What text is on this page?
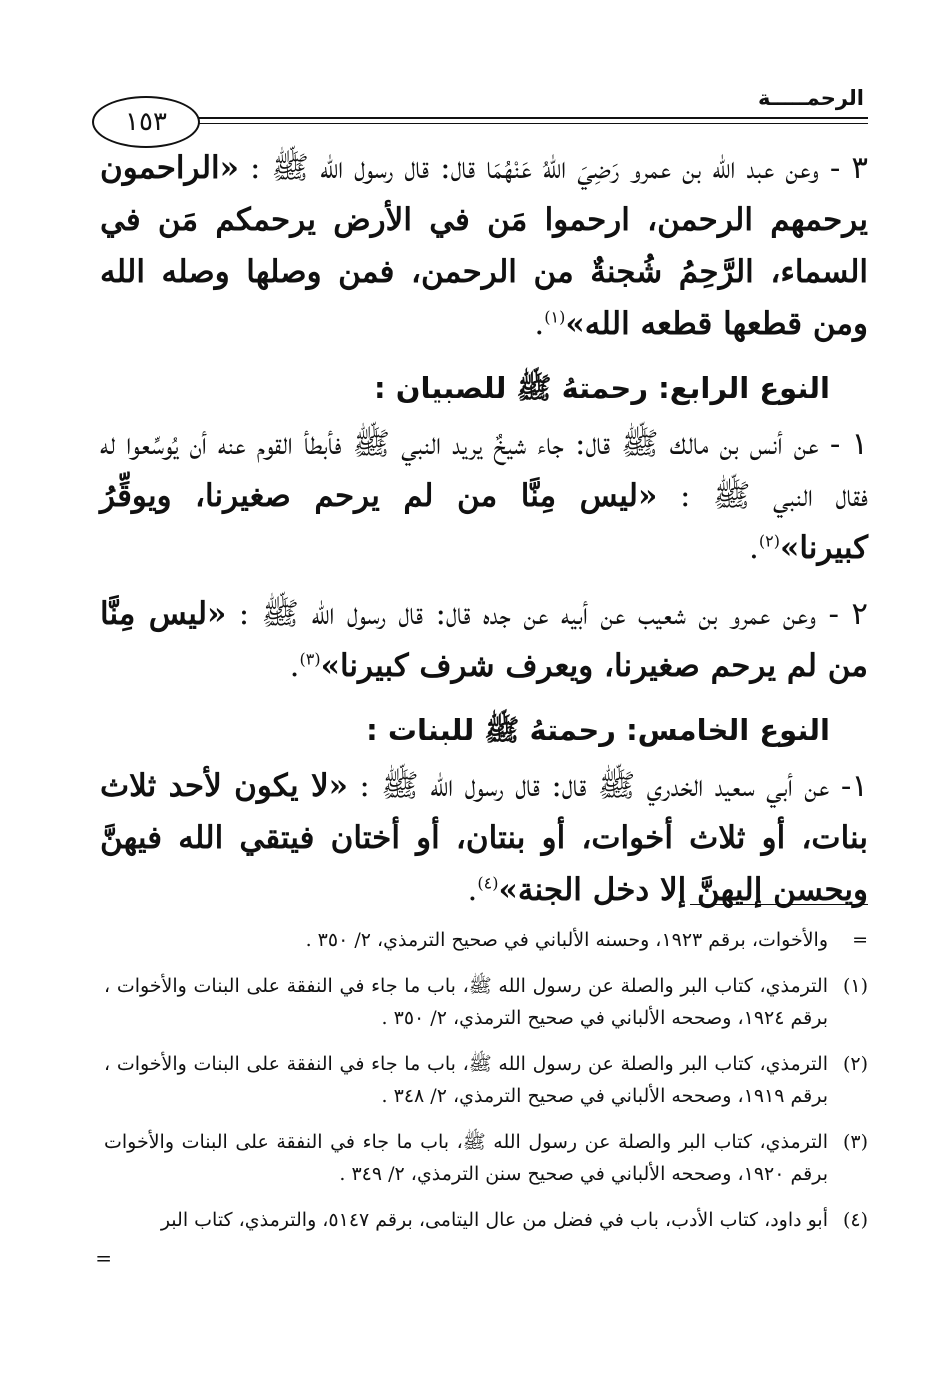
الرحمـــــة
١٥٣

٣ - وعن عبد الله بن عمرو رَضِيَ اللهُ عَنْهُمَا قال: قال رسول الله ﷺ : «الراحمون يرحمهم الرحمن، ارحموا مَن في الأرض يرحمكم مَن في السماء، الرَّحِمُ شُجنةٌ من الرحمن، فمن وصلها وصله الله ومن قطعها قطعه الله»$^{(١)}$.

النوع الرابع: رحمتهُ ﷺ للصبيان :

١ - عن أنس بن مالك ﷺ قال: جاء شيخٌ يريد النبي ﷺ فأبطأ القوم عنه أن يُوسِّعوا له فقال النبي ﷺ : «ليس مِنَّا من لم يرحم صغيرنا، ويوقِّرُ كبيرنا»$^{(٢)}$.

٢ - وعن عمرو بن شعيب عن أبيه عن جده قال: قال رسول الله ﷺ : «ليس مِنَّا من لم يرحم صغيرنا، ويعرف شرف كبيرنا»$^{(٣)}$.

النوع الخامس: رحمتهُ ﷺ للبنات :

١- عن أبي سعيد الخدري ﷺ قال: قال رسول الله ﷺ : «لا يكون لأحد ثلاث بنات، أو ثلاث أخوات، أو بنتان، أو أختان فيتقي الله فيهنَّ ويحسن إليهنَّ إلا دخل الجنة»$^{(٤)}$.

=
والأخوات، برقم ١٩٢٣، وحسنه الألباني في صحيح الترمذي، ٢/ ٣٥٠ .
(١)
الترمذي، كتاب البر والصلة عن رسول الله ﷺ، باب ما جاء في النفقة على البنات والأخوات ، برقم ١٩٢٤، وصححه الألباني في صحيح الترمذي، ٢/ ٣٥٠ .
(٢)
الترمذي، كتاب البر والصلة عن رسول الله ﷺ، باب ما جاء في النفقة على البنات والأخوات ، برقم ١٩١٩، وصححه الألباني في صحيح الترمذي، ٢/ ٣٤٨ .
(٣)
الترمذي، كتاب البر والصلة عن رسول الله ﷺ، باب ما جاء في النفقة على البنات والأخوات برقم ١٩٢٠، وصححه الألباني في صحيح سنن الترمذي، ٢/ ٣٤٩ .
(٤)
أبو داود، كتاب الأدب، باب في فضل من عال اليتامى، برقم ٥١٤٧، والترمذي، كتاب البر
=
